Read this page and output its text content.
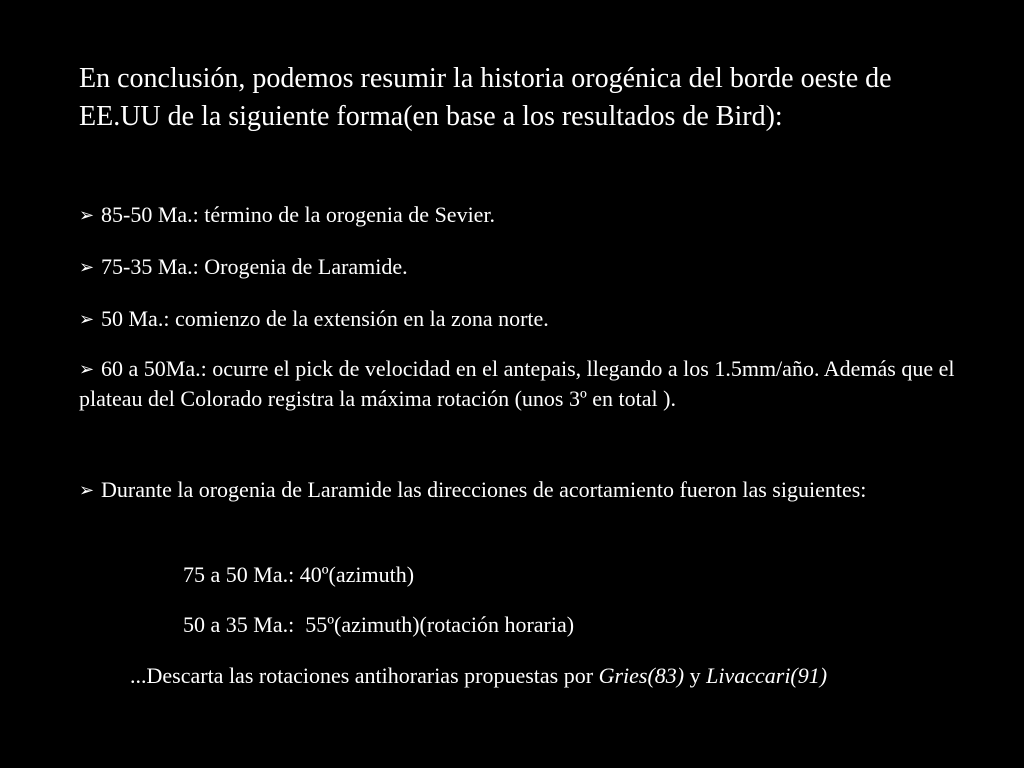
En conclusión, podemos resumir la historia orogénica del borde oeste de EE.UU de la siguiente forma(en base a los resultados de Bird):

➢ 85-50 Ma.: término de la orogenia de Sevier.

➢ 75-35 Ma.: Orogenia de Laramide.

➢ 50 Ma.: comienzo de la extensión en la zona norte.

➢ 60 a 50Ma.: ocurre el pick de velocidad en el antepais, llegando a los 1.5mm/año. Además que el plateau del Colorado registra la máxima rotación (unos 3º en total ).

➢ Durante la orogenia de Laramide las direcciones de acortamiento fueron las siguientes:

75 a 50 Ma.: 40º(azimuth)

50 a 35 Ma.:  55º(azimuth)(rotación horaria)

...Descarta las rotaciones antihorarias propuestas por Gries(83) y Livaccari(91)
